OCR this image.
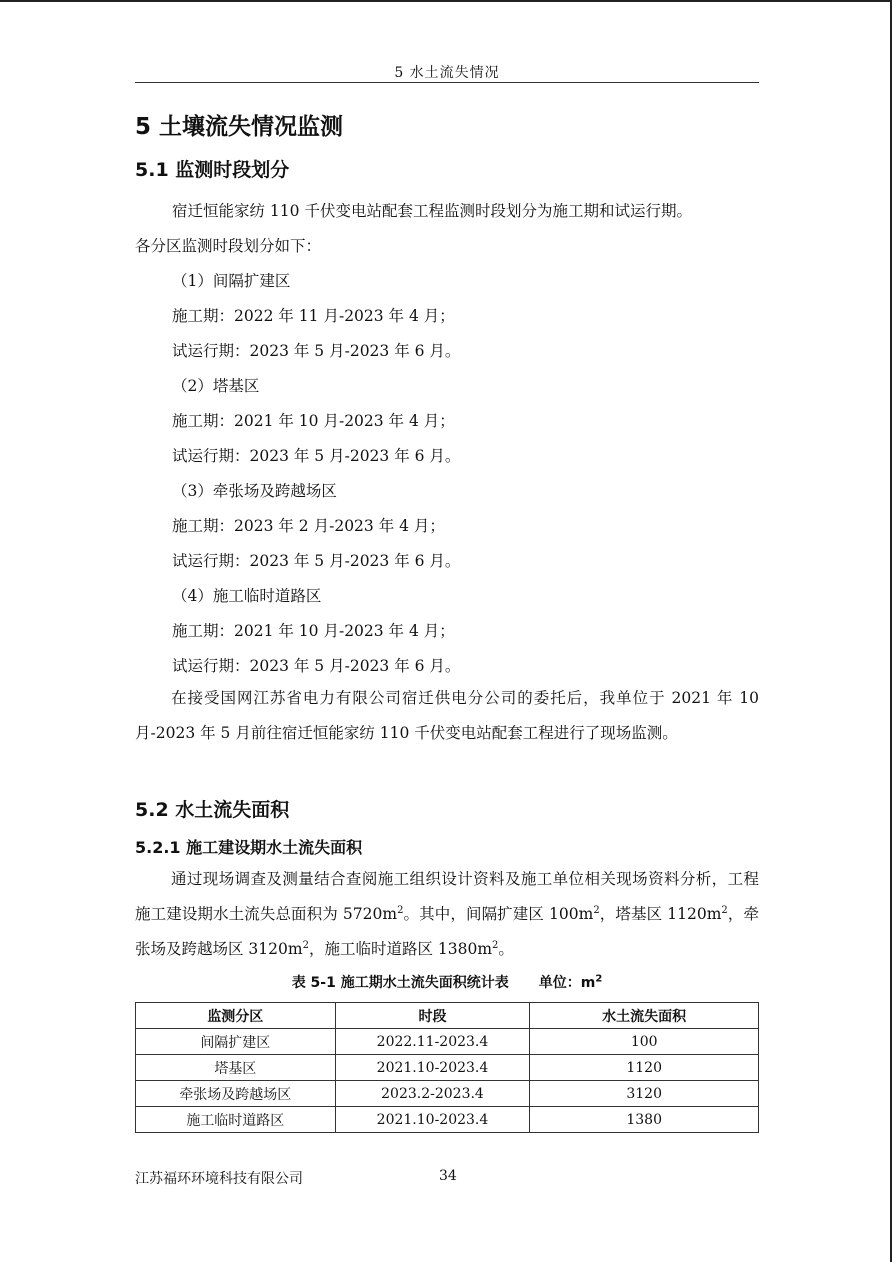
5 水土流失情况
5 土壤流失情况监测
5.1 监测时段划分
宿迁恒能家纺 110 千伏变电站配套工程监测时段划分为施工期和试运行期。
各分区监测时段划分如下：
（1）间隔扩建区
施工期：2022 年 11 月-2023 年 4 月；
试运行期：2023 年 5 月-2023 年 6 月。
（2）塔基区
施工期：2021 年 10 月-2023 年 4 月；
试运行期：2023 年 5 月-2023 年 6 月。
（3）牵张场及跨越场区
施工期：2023 年 2 月-2023 年 4 月；
试运行期：2023 年 5 月-2023 年 6 月。
（4）施工临时道路区
施工期：2021 年 10 月-2023 年 4 月；
试运行期：2023 年 5 月-2023 年 6 月。
在接受国网江苏省电力有限公司宿迁供电分公司的委托后，我单位于 2021 年 10 月-2023 年 5 月前往宿迁恒能家纺 110 千伏变电站配套工程进行了现场监测。
5.2 水土流失面积
5.2.1 施工建设期水土流失面积
通过现场调查及测量结合查阅施工组织设计资料及施工单位相关现场资料分析，工程施工建设期水土流失总面积为 $5720m^2$。其中，间隔扩建区 $100m^2$，塔基区 $1120m^2$，牵张场及跨越场区 $3120m^2$，施工临时道路区 $1380m^2$。
表 5-1 施工期水土流失面积统计表 单位：$m^2$
监测分区	时段	水土流失面积
间隔扩建区	2022.11-2023.4	100
塔基区	2021.10-2023.4	1120
牵张场及跨越场区	2023.2-2023.4	3120
施工临时道路区	2021.10-2023.4	1380
江苏福环环境科技有限公司	34
